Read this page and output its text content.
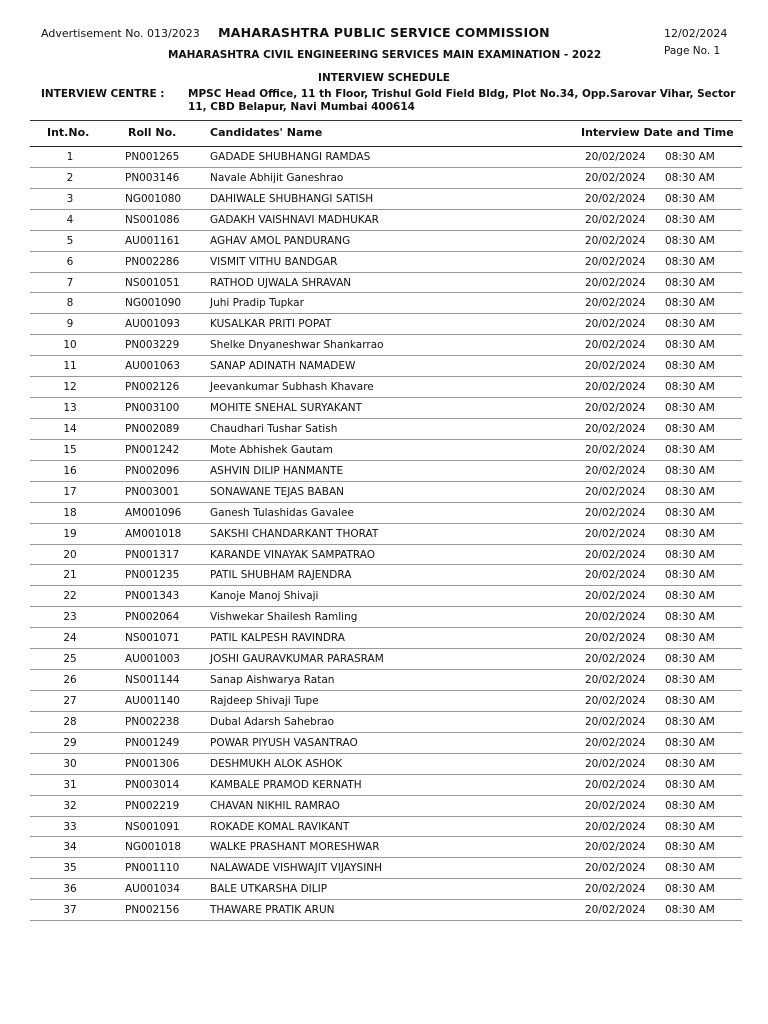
Advertisement No. 013/2023	MAHARASHTRA PUBLIC SERVICE COMMISSION	12/02/2024
MAHARASHTRA CIVIL ENGINEERING SERVICES MAIN EXAMINATION - 2022	Page No. 1
INTERVIEW SCHEDULE
INTERVIEW CENTRE : MPSC Head Office, 11 th Floor, Trishul Gold Field Bldg, Plot No.34, Opp.Sarovar Vihar, Sector 11, CBD Belapur, Navi Mumbai 400614
Int.No.	Roll No.	Candidates' Name	Interview Date and Time
1	PN001265	GADADE SHUBHANGI RAMDAS	20/02/2024 08:30 AM
2	PN003146	Navale Abhijit Ganeshrao	20/02/2024 08:30 AM
3	NG001080	DAHIWALE SHUBHANGI SATISH	20/02/2024 08:30 AM
4	NS001086	GADAKH VAISHNAVI MADHUKAR	20/02/2024 08:30 AM
5	AU001161	AGHAV AMOL PANDURANG	20/02/2024 08:30 AM
6	PN002286	VISMIT VITHU BANDGAR	20/02/2024 08:30 AM
7	NS001051	RATHOD UJWALA SHRAVAN	20/02/2024 08:30 AM
8	NG001090	Juhi Pradip Tupkar	20/02/2024 08:30 AM
9	AU001093	KUSALKAR PRITI POPAT	20/02/2024 08:30 AM
10	PN003229	Shelke Dnyaneshwar Shankarrao	20/02/2024 08:30 AM
11	AU001063	SANAP ADINATH NAMADEW	20/02/2024 08:30 AM
12	PN002126	Jeevankumar Subhash Khavare	20/02/2024 08:30 AM
13	PN003100	MOHITE SNEHAL SURYAKANT	20/02/2024 08:30 AM
14	PN002089	Chaudhari Tushar Satish	20/02/2024 08:30 AM
15	PN001242	Mote Abhishek Gautam	20/02/2024 08:30 AM
16	PN002096	ASHVIN DILIP HANMANTE	20/02/2024 08:30 AM
17	PN003001	SONAWANE TEJAS BABAN	20/02/2024 08:30 AM
18	AM001096	Ganesh Tulashidas Gavalee	20/02/2024 08:30 AM
19	AM001018	SAKSHI CHANDARKANT THORAT	20/02/2024 08:30 AM
20	PN001317	KARANDE VINAYAK SAMPATRAO	20/02/2024 08:30 AM
21	PN001235	PATIL SHUBHAM RAJENDRA	20/02/2024 08:30 AM
22	PN001343	Kanoje Manoj Shivaji	20/02/2024 08:30 AM
23	PN002064	Vishwekar Shailesh Ramling	20/02/2024 08:30 AM
24	NS001071	PATIL KALPESH RAVINDRA	20/02/2024 08:30 AM
25	AU001003	JOSHI GAURAVKUMAR PARASRAM	20/02/2024 08:30 AM
26	NS001144	Sanap Aishwarya Ratan	20/02/2024 08:30 AM
27	AU001140	Rajdeep Shivaji Tupe	20/02/2024 08:30 AM
28	PN002238	Dubal Adarsh Sahebrao	20/02/2024 08:30 AM
29	PN001249	POWAR PIYUSH VASANTRAO	20/02/2024 08:30 AM
30	PN001306	DESHMUKH ALOK ASHOK	20/02/2024 08:30 AM
31	PN003014	KAMBALE PRAMOD KERNATH	20/02/2024 08:30 AM
32	PN002219	CHAVAN NIKHIL RAMRAO	20/02/2024 08:30 AM
33	NS001091	ROKADE KOMAL RAVIKANT	20/02/2024 08:30 AM
34	NG001018	WALKE PRASHANT MORESHWAR	20/02/2024 08:30 AM
35	PN001110	NALAWADE VISHWAJIT VIJAYSINH	20/02/2024 08:30 AM
36	AU001034	BALE UTKARSHA DILIP	20/02/2024 08:30 AM
37	PN002156	THAWARE PRATIK ARUN	20/02/2024 08:30 AM
